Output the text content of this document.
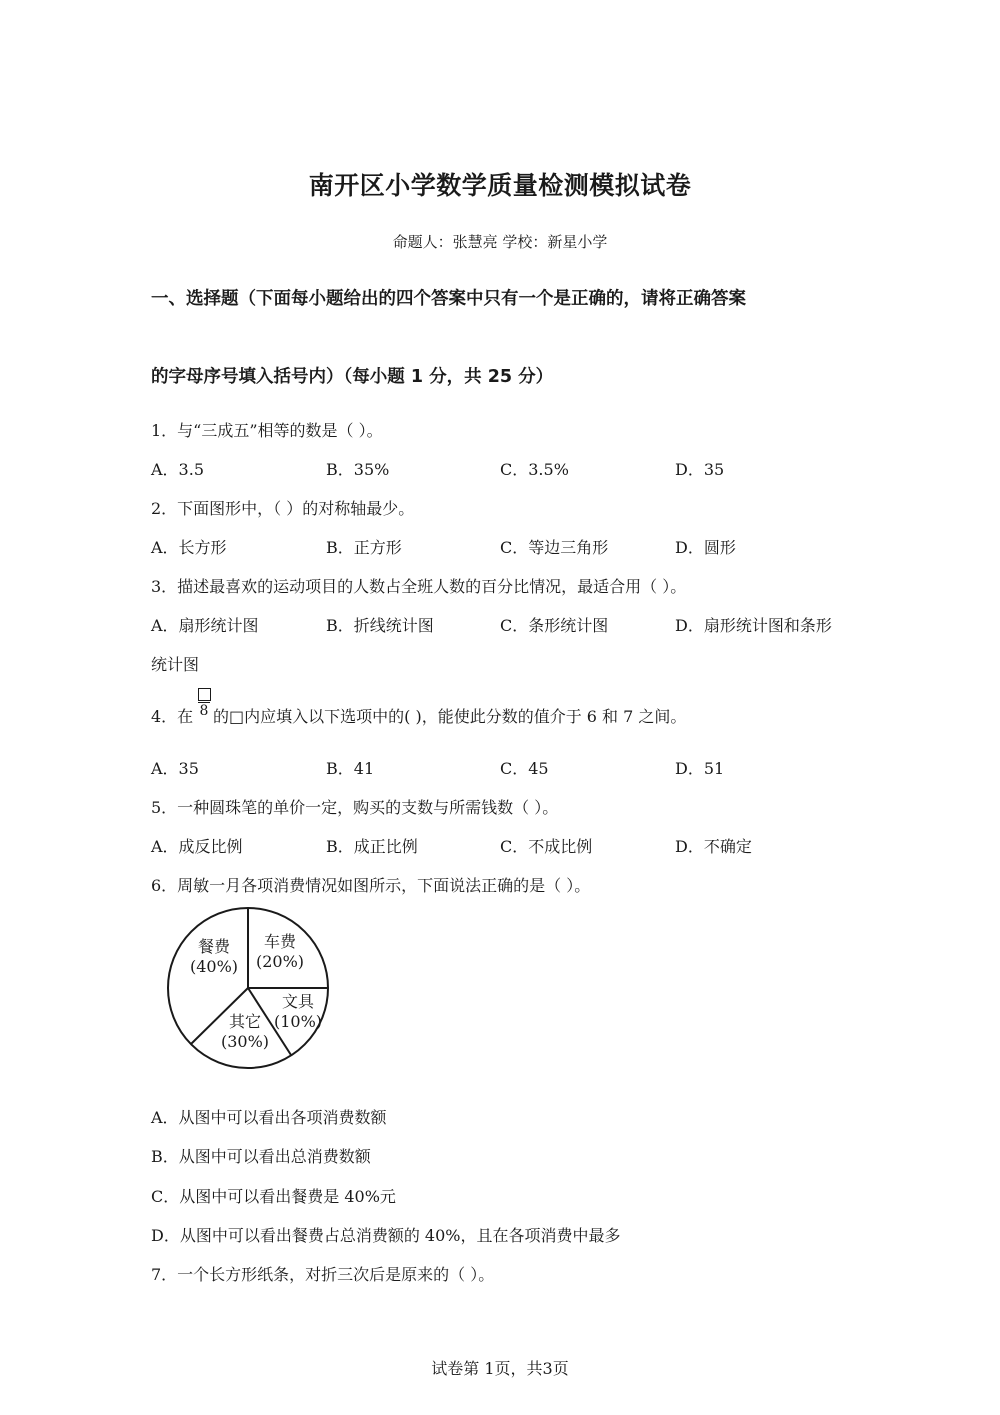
南开区小学数学质量检测模拟试卷
命题人：张慧亮 学校：新星小学
一、选择题（下面每小题给出的四个答案中只有一个是正确的，请将正确答案
的字母序号填入括号内）（每小题 1 分，共 25 分）
1．与“三成五”相等的数是（ ）。
A．3.5	B．35%	C．3.5%	D．35
2．下面图形中，（ ）的对称轴最少。
A．长方形	B．正方形	C．等边三角形	D．圆形
3．描述最喜欢的运动项目的人数占全班人数的百分比情况，最适合用（ ）。
A．扇形统计图	B．折线统计图	C．条形统计图	D．扇形统计图和条形
统计图
4．在 8 的□内应填入以下选项中的( )，能使此分数的值介于 6 和 7 之间。
A．35	B．41	C．45	D．51
5．一种圆珠笔的单价一定，购买的支数与所需钱数（ ）。
A．成反比例	B．成正比例	C．不成比例	D．不确定
6．周敏一月各项消费情况如图所示，下面说法正确的是（ ）。
餐费
(40%)
车费
(20%)
文具
(10%)
其它
(30%)
A．从图中可以看出各项消费数额
B．从图中可以看出总消费数额
C．从图中可以看出餐费是 40%元
D．从图中可以看出餐费占总消费额的 40%，且在各项消费中最多
7．一个长方形纸条，对折三次后是原来的（ ）。
试卷第 1页，共3页
